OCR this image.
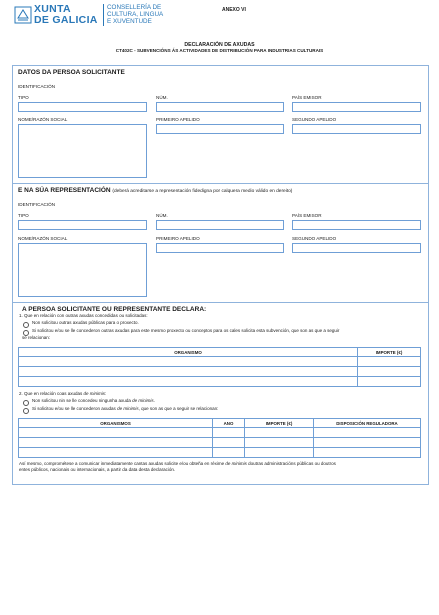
XUNTA
DE GALICIA
CONSELLERÍA DE
CULTURA, LINGUA
E XUVENTUDE
ANEXO VI
DECLARACIÓN DE AXUDAS
CT402C - SUBVENCIÓNS ÁS ACTIVIDADES DE DISTRIBUCIÓN PARA INDUSTRIAS CULTURAIS
DATOS DA PERSOA SOLICITANTE
IDENTIFICACIÓN
TIPO	NÚM.	PAÍS EMISOR
NOME/RAZÓN SOCIAL	PRIMEIRO APELIDO	SEGUNDO APELIDO
E NA SÚA REPRESENTACIÓN (deberá acreditarse a representación fidedigna por calquera medio válido en dereito)
IDENTIFICACIÓN
TIPO	NÚM.	PAÍS EMISOR
NOME/RAZÓN SOCIAL	PRIMEIRO APELIDO	SEGUNDO APELIDO
A PERSOA SOLICITANTE OU REPRESENTANTE DECLARA:
1. Que en relación con outras axudas concedidas ou solicitadas:
Non solicitou outras axudas públicas para o proxecto.
Si solicitou e/ou se lle concederon outras axudas para este mesmo proxecto ou conceptos para os cales solicita esta subvención, que son as que a seguir
se relacionan:
ORGANISMO	IMPORTE (€)

2. Que en relación coas axudas de minimis:
Non solicitou nin se lle concedeu ningunha axuda de minimis.
Si solicitou e/ou se lle concederon axudas de minimis, que son as que a seguir se relacionan:
ORGANISMOS	ANO	IMPORTE (€)	DISPOSICIÓN REGULADORA

Así mesmo, comprométese a comunicar inmediatamente cantas axudas solicite e/ou obteña en réxime de minimis doutras administracións públicas ou doutros
entes públicos, nacionais ou internacionais, a partir da data desta declaración.
